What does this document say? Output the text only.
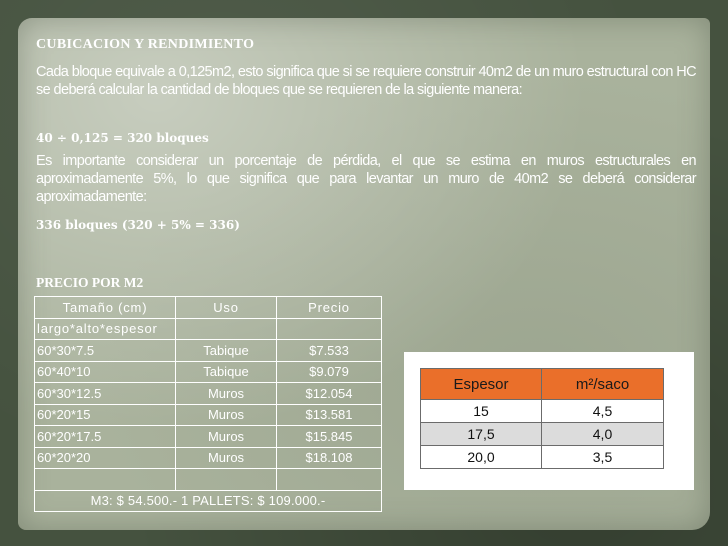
CUBICACION Y RENDIMIENTO
Cada bloque equivale a 0,125m2, esto significa que si se requiere construir 40m2 de un muro estructural con HC se deberá calcular la cantidad de bloques que se requieren de la siguiente manera:
40 ÷ 0,125 = 320 bloques
Es importante considerar un porcentaje de pérdida, el que se estima en muros estructurales en aproximadamente 5%, lo que significa que para levantar un muro de 40m2 se deberá considerar aproximadamente:
336 bloques (320 + 5% = 336)
PRECIO POR M2
Tamaño (cm)	Uso	Precio
largo*alto*espesor		
60*30*7.5	Tabique	$7.533
60*40*10	Tabique	$9.079
60*30*12.5	Muros	$12.054
60*20*15	Muros	$13.581
60*20*17.5	Muros	$15.845
60*20*20	Muros	$18.108

M3: $ 54.500.- 1 PALLETS: $ 109.000.-		
Espesor	m²/saco
15	4,5
17,5	4,0
20,0	3,5
